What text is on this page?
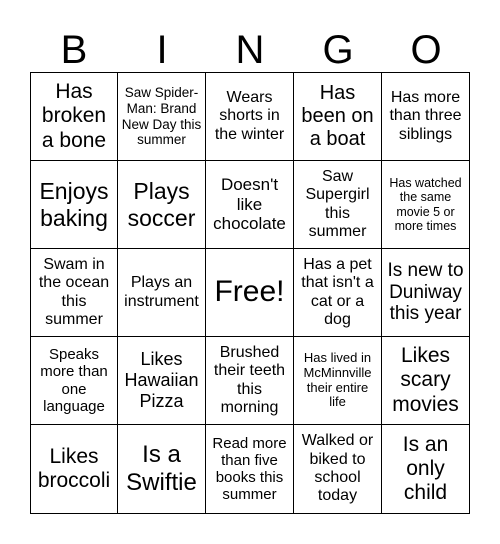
B	I	N	G	O
Has broken a bone
Saw Spider-Man: Brand New Day this summer
Wears shorts in the winter
Has been on a boat
Has more than three siblings
Enjoys baking
Plays soccer
Doesn't like chocolate
Saw Supergirl this summer
Has watched the same movie 5 or more times
Swam in the ocean this summer
Plays an instrument Free!
Has a pet that isn't a cat or a dog
Is new to Duniway this year
Speaks more than one language
Likes Hawaiian Pizza
Brushed their teeth this morning
Has lived in McMinnville their entire life
Likes scary movies
Likes broccoli
Is a Swiftie
Read more than five books this summer
Walked or biked to school today
Is an only child
